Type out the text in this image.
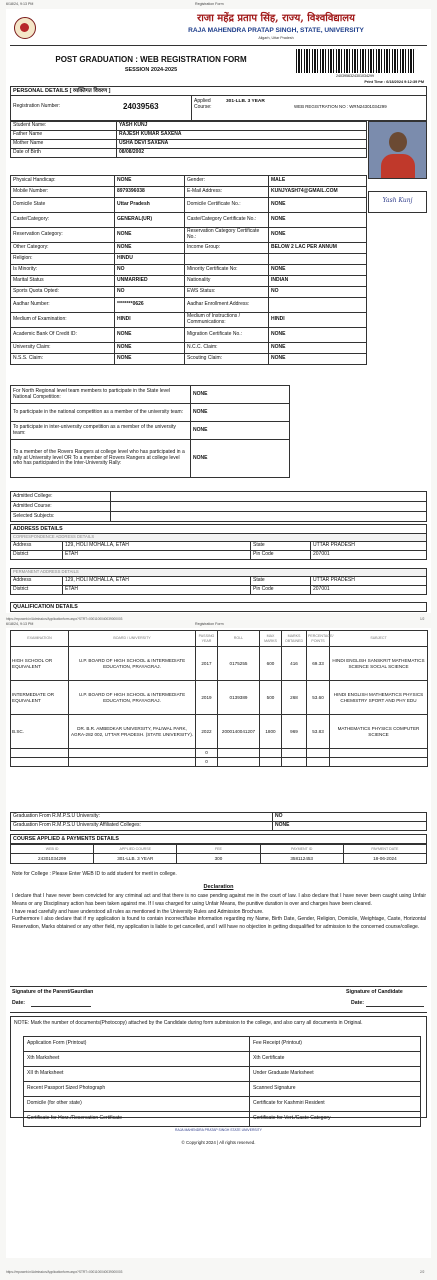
6/18/24, 9:13 PM	Registration Form
राजा महेंद्र प्रताप सिंह, राज्य, विश्वविद्यालय
RAJA MAHENDRA PRATAP SINGH, STATE, UNIVERSITY
Aligarh, Uttar Pradesh
POST GRADUATION : WEB REGISTRATION FORM
SESSION 2024-2025
2403956324301034299
Print Time : 6/18/2024 9:12:39 PM
PERSONAL DETAILS [ व्यक्तिगत विवरण ]
Registration Number:	24039563
Applied Course:
301-LLB. 3 YEAR
WEB REGISTRATION NO : WRN24301034299
Student Name:	YASH KUNJ
Father Name	RAJESH KUMAR SAXENA
Mother Name	USHA DEVI SAXENA
Date of Birth	08/08/2002
Yash Kunj
Physical Handicap:	NONE	Gender:	MALE
Mobile Number:	8979396038	E-Mail Address:	KUNJYASH74@GMAIL.COM
Domicile State	Uttar Pradesh	Domicile Certificate No.:	NONE
Caste/Category:	GENERAL(UR)	Caste/Category Certificate No.:	NONE
Reservation Category:	NONE	Reservation Category Certificate No.:	NONE
Other Category:	NONE	Income Group:	BELOW 2 LAC PER ANNUM
Religion:	HINDU		
Is Minority:	NO	Minority Certificate No:	NONE
Marital Status	UNMARRIED	Nationality	INDIAN
Sports Quota Opted:	NO	EWS Status:	NO
Aadhar Number:	********0626	Aadhar Enrollment Address:	
Medium of Examination:	HINDI	Medium of Instructions / Communications:	HINDI
Academic Bank Of Credit ID:	NONE	Migration Certificate No.:	NONE
University Claim:	NONE	N.C.C. Claim:	NONE
N.S.S. Claim:	NONE	Scouting Claim:	NONE
For North Regional level team members to participate in the State level National Competition:	NONE
To participate in the national competition as a member of the university team:	NONE
To participate in inter-university competition as a member of the university team:	NONE
To a member of the Rovers Rangers at college level who has participated in a rally at University level OR To a member of Rovers Rangers at college level who has participated in the Inter-University Rally:	NONE
Admitted College:	
Admitted Course:	
Selected Subjects:	
ADDRESS DETAILS
CORRESPONDENCE ADDRESS DETAILS
Address	129, HOLI MOHALLA, ETAH	State	UTTAR PRADESH
District	ETAH	Pin Code	207001
PERMANENT ADDRESS DETAILS
Address	129, HOLI MOHALLA, ETAH	State	UTTAR PRADESH
District	ETAH	Pin Code	207001
QUALIFICATION DETAILS
https://mpuweb.in/Admission/Applicationform.aspx?STRT=0001100040039000003	1/2
6/18/24, 9:13 PM	Registration Form
EXAMINATION	BOARD / UNIVERSITY	PASSING YEAR	ROLL	MAX MARKS	MARKS OBTAINED	PERCENTAGE/ POINTS	SUBJECT
HIGH SCHOOL OR EQUIVALENT	U.P. BOARD OF HIGH SCHOOL & INTERMEDIATE EDUCATION, PRAYAGRAJ.	2017	0175255	600	416	69.33	HINDI ENGLISH SANSKRIT MATHEMATICS SCIENCE SOCIAL SCIENCE
INTERMEDIATE OR EQUIVALENT	U.P. BOARD OF HIGH SCHOOL & INTERMEDIATE EDUCATION, PRAYAGRAJ.	2019	0139389	500	268	53.60	HINDI ENGLISH MATHEMATICS PHYSICS CHEMISTRY SPORT AND PHY EDU
B.SC.	DR. B.R. AMBEDKAR UNIVERSITY, PALIWAL PARK, AGRA-282 002, UTTAR PRADESH. (STATE UNIVERSITY).	2022	2000140041207	1800	969	53.83	MATHEMATICS PHYSICS COMPUTER SCIENCE
		0					
		0					
Graduation From R.M.P.S.U University:	NO
Graduation From R.M.P.S.U University Affiliated Colleges:	NONE
COURSE APPLIED & PAYMENTS DETAILS
WEB ID	APPLIED COURSE	FEE	PAYMENT ID	PAYMENT DATE
24301034299	301-LLB. 3 YEAR	300	358112453	18-06-2024
Note for College : Please Enter WEB ID to add student for merit in college.
Declaration
I declare that I have never been convicted for any criminal act and that there is no case pending against me in the court of law. I also declare that I have never been caught using Unfair Means or any Disciplinary action has been taken against me. If I was charged for using Unfair Means, the punitive duration is over and charges have been cleared.
I have read carefully and have understood all rules as mentioned in the University Rules and Admission Brochure.
Furthermore I also declare that if my application is found to contain incorrect/false information regarding my Name, Birth Date, Gender, Religion, Domicile, Weightage, Caste, Horizontal Reservation, Marks obtained or any other field, my application is liable to get cancelled, and I will have no objection in getting disqualified for admission to the concerned course/college.
Signature of the Parent/Gaurdian	Signature of Candidate
Date:	Date:
NOTE: Mark the number of documents(Photocopy) attached by the Candidate during form submission to the college, and also carry all documents in Original.
Application Form (Printout)	Fee Receipt (Printout)
Xth Marksheet	Xth Certificate
XII th Marksheet	Under Graduate Marksheet
Recent Passport Sized Photograph	Scanned Signature
Domicile (for other state)	Certificate for Kashmiri Resident
Certificate for Horz./Reservation Certificate	Certificate for Vert./Caste Category
RAJA MAHENDRA PRATAP SINGH STATE UNIVERSITY
© Copyright 2024 | All rights reserved.
https://mpuweb.in/Admission/Applicationform.aspx?STRT=0001100040039000003	2/2
